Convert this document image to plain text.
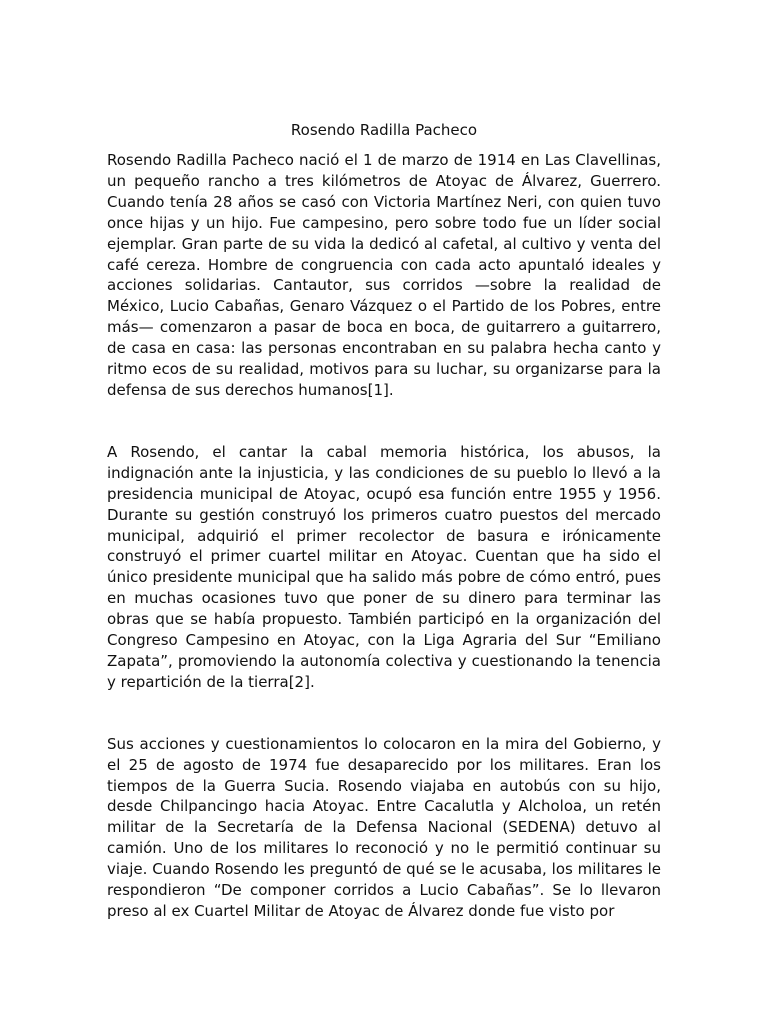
Rosendo Radilla Pacheco

Rosendo Radilla Pacheco nació el 1 de marzo de 1914 en Las Clavellinas, un pequeño rancho a tres kilómetros de Atoyac de Álvarez, Guerrero. Cuando tenía 28 años se casó con Victoria Martínez Neri, con quien tuvo once hijas y un hijo. Fue campesino, pero sobre todo fue un líder social ejemplar. Gran parte de su vida la dedicó al cafetal, al cultivo y venta del café cereza. Hombre de congruencia con cada acto apuntaló ideales y acciones solidarias. Cantautor, sus corridos —sobre la realidad de México, Lucio Cabañas, Genaro Vázquez o el Partido de los Pobres, entre más— comenzaron a pasar de boca en boca, de guitarrero a guitarrero, de casa en casa: las personas encontraban en su palabra hecha canto y ritmo ecos de su realidad, motivos para su luchar, su organizarse para la defensa de sus derechos humanos[1].

A Rosendo, el cantar la cabal memoria histórica, los abusos, la indignación ante la injusticia, y las condiciones de su pueblo lo llevó a la presidencia municipal de Atoyac, ocupó esa función entre 1955 y 1956. Durante su gestión construyó los primeros cuatro puestos del mercado municipal, adquirió el primer recolector de basura e irónicamente construyó el primer cuartel militar en Atoyac. Cuentan que ha sido el único presidente municipal que ha salido más pobre de cómo entró, pues en muchas ocasiones tuvo que poner de su dinero para terminar las obras que se había propuesto. También participó en la organización del Congreso Campesino en Atoyac, con la Liga Agraria del Sur “Emiliano Zapata”, promoviendo la autonomía colectiva y cuestionando la tenencia y repartición de la tierra[2].

Sus acciones y cuestionamientos lo colocaron en la mira del Gobierno, y el 25 de agosto de 1974 fue desaparecido por los militares. Eran los tiempos de la Guerra Sucia. Rosendo viajaba en autobús con su hijo, desde Chilpancingo hacia Atoyac. Entre Cacalutla y Alcholoa, un retén militar de la Secretaría de la Defensa Nacional (SEDENA) detuvo al camión. Uno de los militares lo reconoció y no le permitió continuar su viaje. Cuando Rosendo les preguntó de qué se le acusaba, los militares le respondieron “De componer corridos a Lucio Cabañas”. Se lo llevaron preso al ex Cuartel Militar de Atoyac de Álvarez donde fue visto por
